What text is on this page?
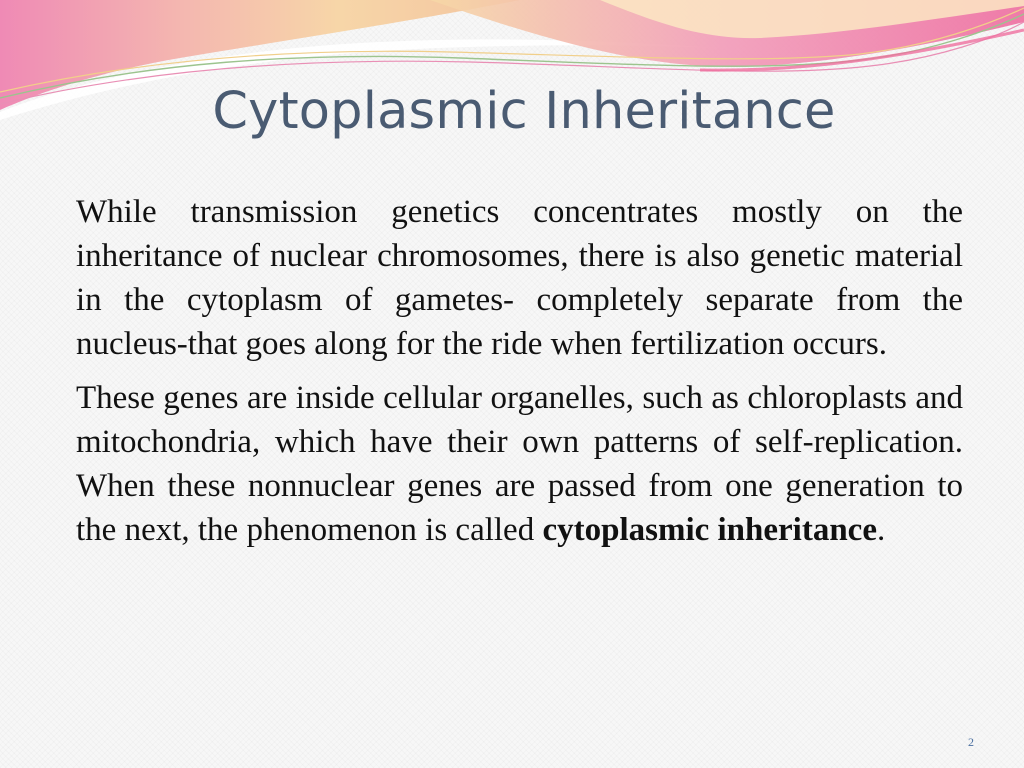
Cytoplasmic Inheritance

While transmission genetics concentrates mostly on the inheritance of nuclear chromosomes, there is also genetic material in the cytoplasm of gametes- completely separate from the nucleus-that goes along for the ride when fertilization occurs.

These genes are inside cellular organelles, such as chloroplasts and mitochondria, which have their own patterns of self-replication. When these nonnuclear genes are passed from one generation to the next, the phenomenon is called cytoplasmic inheritance.

2
